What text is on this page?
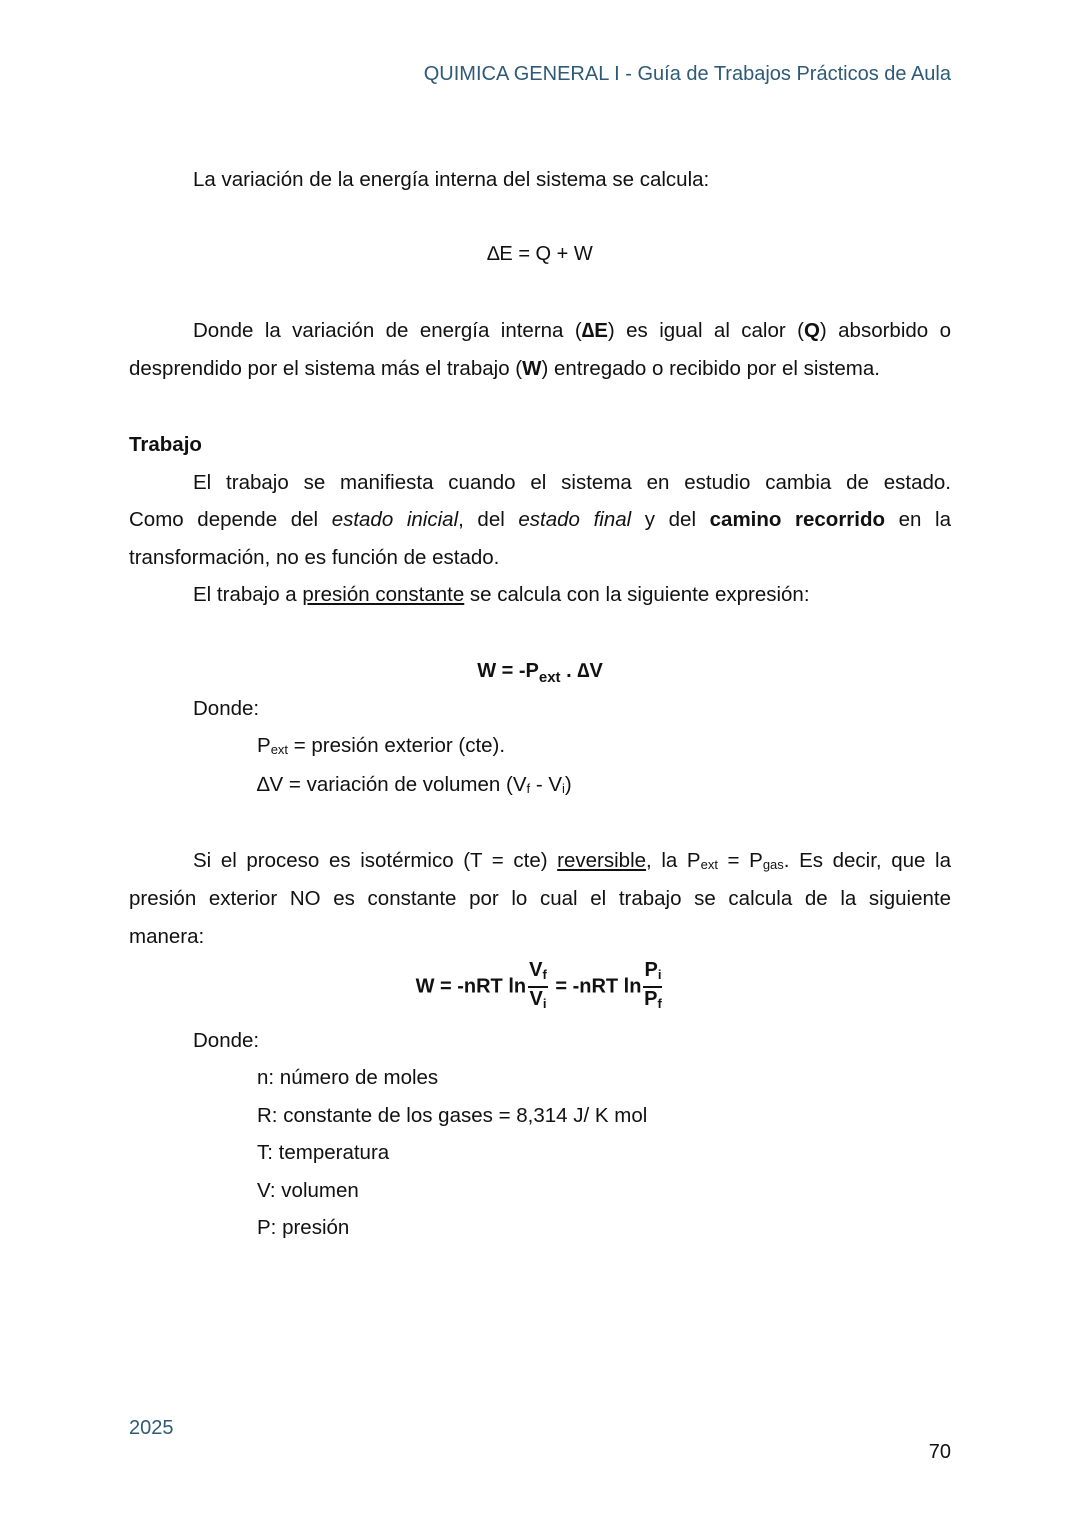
QUIMICA GENERAL I - Guía de Trabajos Prácticos de Aula
La variación de la energía interna del sistema se calcula:
∆E = Q + W
Donde la variación de energía interna (∆E) es igual al calor (Q) absorbido o
desprendido por el sistema más el trabajo (W) entregado o recibido por el sistema.
Trabajo
El trabajo se manifiesta cuando el sistema en estudio cambia de estado.
Como depende del estado inicial, del estado final y del camino recorrido en la
transformación, no es función de estado.
El trabajo a presión constante se calcula con la siguiente expresión:
$W = -P_{ext}$ . ∆V
Donde:
$P_{ext}$ = presión exterior (cte).
∆V = variación de volumen $(V_f - V_i)$
Si el proceso es isotérmico (T = cte) reversible, la $P_{ext} = P_{gas}$. Es decir, que la
presión exterior NO es constante por lo cual el trabajo se calcula de la siguiente
manera:
W = -nRT $\ln \frac{V_f}{V_i} = -nRT$ $\ln \frac{P_i}{P_f}$
Donde:
n: número de moles
R: constante de los gases = 8,314 J/ K mol
T: temperatura
V: volumen
P: presión
2025
70
